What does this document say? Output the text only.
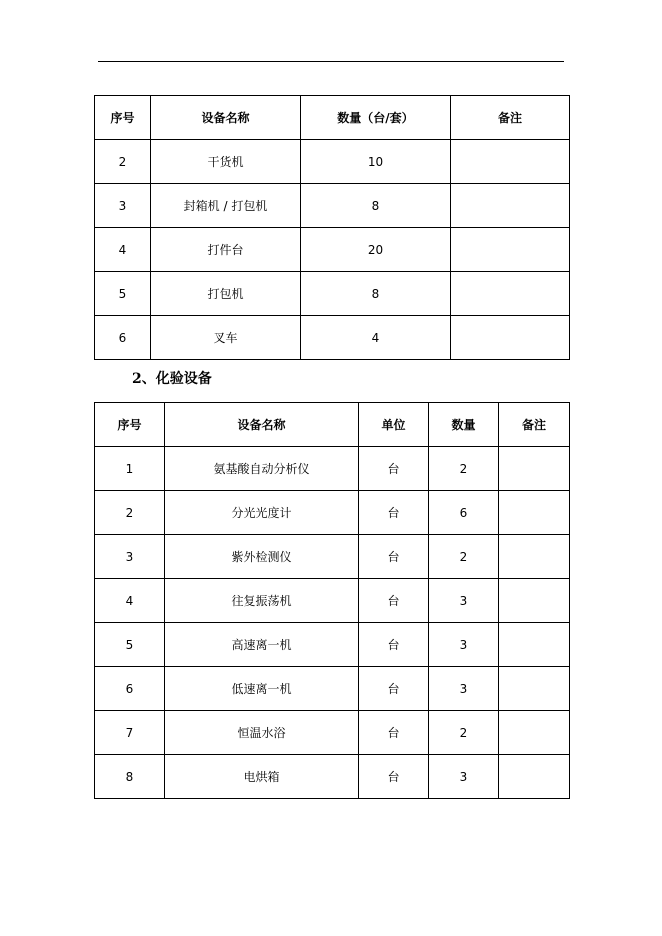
序号	设备名称	数量（台/套）	备注
2	干货机	10	
3	封箱机 / 打包机	8	
4	打件台	20	
5	打包机	8	
6	叉车	4	
2、化验设备
序号	设备名称	单位	数量	备注
1	氨基酸自动分析仪	台	2	
2	分光光度计	台	6	
3	紫外检测仪	台	2	
4	往复振荡机	台	3	
5	高速离一机	台	3	
6	低速离一机	台	3	
7	恒温水浴	台	2	
8	电烘箱	台	3	
